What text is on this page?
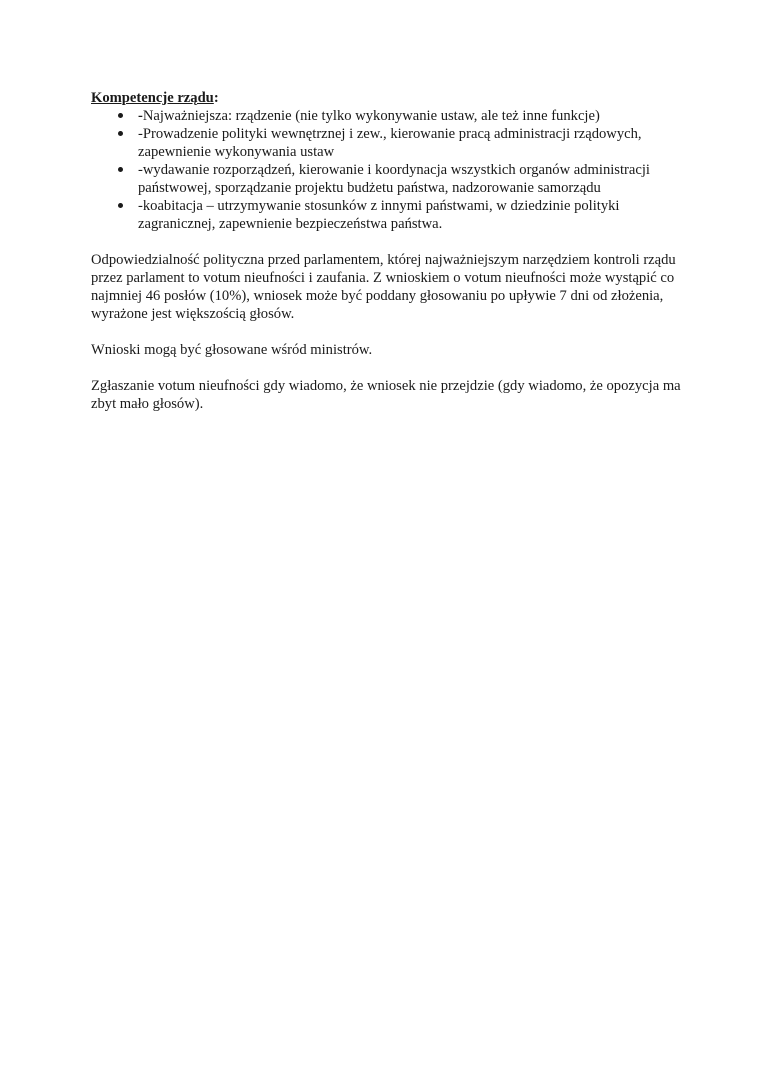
Kompetencje rządu:

-Najważniejsza: rządzenie (nie tylko wykonywanie ustaw, ale też inne funkcje)
-Prowadzenie polityki wewnętrznej i zew., kierowanie pracą administracji rządowych, zapewnienie wykonywania ustaw
-wydawanie rozporządzeń, kierowanie i koordynacja wszystkich organów administracji państwowej, sporządzanie projektu budżetu państwa, nadzorowanie samorządu
-koabitacja – utrzymywanie stosunków z innymi państwami, w dziedzinie polityki zagranicznej, zapewnienie bezpieczeństwa państwa.

Odpowiedzialność polityczna przed parlamentem, której najważniejszym narzędziem kontroli rządu przez parlament to votum nieufności i zaufania. Z wnioskiem o votum nieufności może wystąpić co najmniej 46 posłów (10%), wniosek może być poddany głosowaniu po upływie 7 dni od złożenia, wyrażone jest większością głosów.

Wnioski mogą być głosowane wśród ministrów.

Zgłaszanie votum nieufności gdy wiadomo, że wniosek nie przejdzie (gdy wiadomo, że opozycja ma zbyt mało głosów).
